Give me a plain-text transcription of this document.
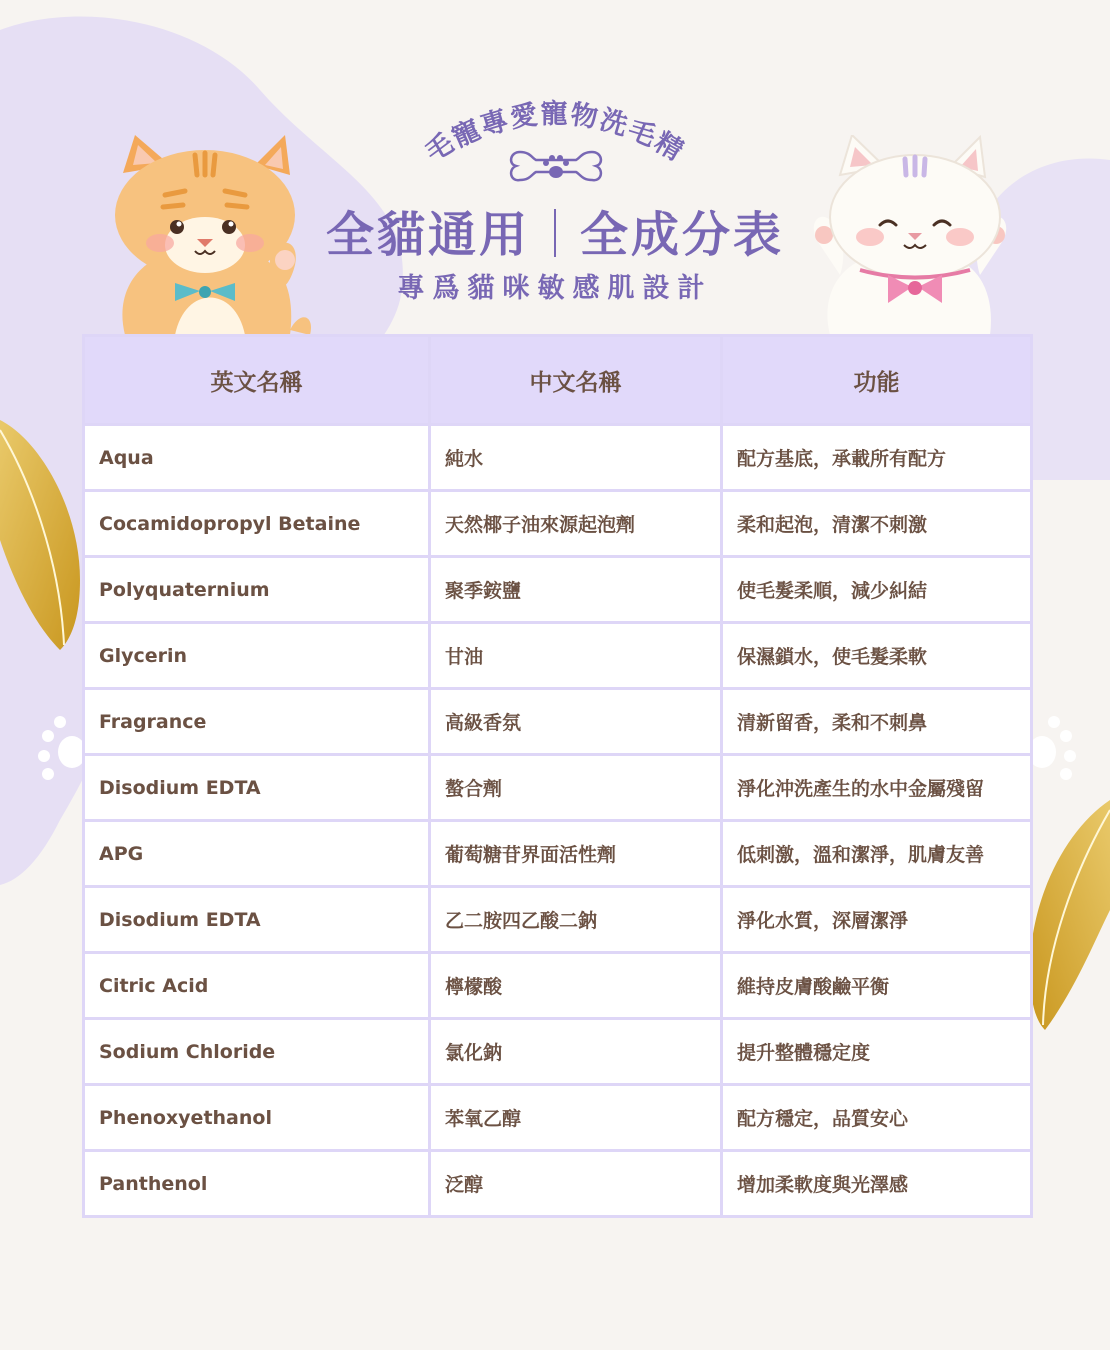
毛寵專愛寵物洗毛精
全貓通用 全成分表
專爲貓咪敏感肌設計
英文名稱	中文名稱	功能
Aqua	純水	配方基底，承載所有配方
Cocamidopropyl Betaine	天然椰子油來源起泡劑	柔和起泡，清潔不刺激
Polyquaternium	聚季銨鹽	使毛髮柔順，減少糾結
Glycerin	甘油	保濕鎖水，使毛髮柔軟
Fragrance	高級香氛	清新留香，柔和不刺鼻
Disodium EDTA	螯合劑	淨化沖洗產生的水中金屬殘留
APG	葡萄糖苷界面活性劑	低刺激，溫和潔淨，肌膚友善
Disodium EDTA	乙二胺四乙酸二鈉	淨化水質，深層潔淨
Citric Acid	檸檬酸	維持皮膚酸鹼平衡
Sodium Chloride	氯化鈉	提升整體穩定度
Phenoxyethanol	苯氧乙醇	配方穩定，品質安心
Panthenol	泛醇	增加柔軟度與光澤感
